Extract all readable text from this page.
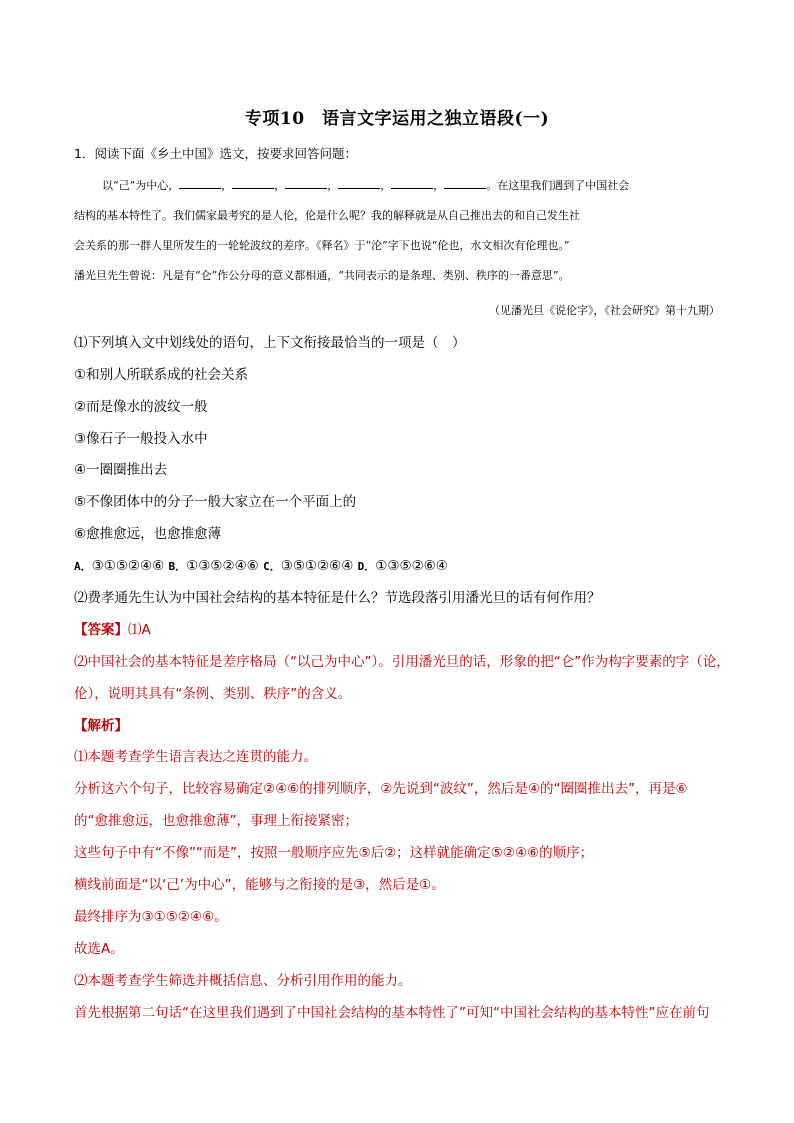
专项10　语言文字运用之独立语段(一)
1．阅读下面《乡土中国》选文，按要求回答问题：
以“己”为中心，	，	，	，	，	，	。在这里我们遇到了中国社会
结构的基本特性了。我们儒家最考究的是人伦，伦是什么呢？我的解释就是从自己推出去的和自己发生社
会关系的那一群人里所发生的一轮轮波纹的差序。《释名》于“沦”字下也说“伦也，水文相次有伦理也。”
潘光旦先生曾说：凡是有“仑”作公分母的意义都相通，“共同表示的是条理、类别、秩序的一番意思”。
（见潘光旦《说伦字》，《社会研究》第十九期）
⑴下列填入文中划线处的语句，上下文衔接最恰当的一项是（　）
①和别人所联系成的社会关系
②而是像水的波纹一般
③像石子一般投入水中
④一圈圈推出去
⑤不像团体中的分子一般大家立在一个平面上的
⑥愈推愈远，也愈推愈薄
A．③①⑤②④⑥ B．①③⑤②④⑥ C．③⑤①②⑥④ D．①③⑤②⑥④
⑵费孝通先生认为中国社会结构的基本特征是什么？节选段落引用潘光旦的话有何作用？
【答案】⑴A
⑵中国社会的基本特征是差序格局（“以己为中心”）。引用潘光旦的话，形象的把“仑”作为构字要素的字（论，
伦），说明其具有“条例、类别、秩序”的含义。
【解析】
⑴本题考查学生语言表达之连贯的能力。
分析这六个句子，比较容易确定②④⑥的排列顺序，②先说到“波纹”，然后是④的“圈圈推出去”，再是⑥
的“愈推愈远，也愈推愈薄”，事理上衔接紧密；
这些句子中有“不像”“而是”，按照一般顺序应先⑤后②；这样就能确定⑤②④⑥的顺序；
横线前面是“以‘己’为中心”，能够与之衔接的是③，然后是①。
最终排序为③①⑤②④⑥。
故选A。
⑵本题考查学生筛选并概括信息、分析引用作用的能力。
首先根据第二句话“在这里我们遇到了中国社会结构的基本特性了”可知“中国社会结构的基本特性”应在前句
